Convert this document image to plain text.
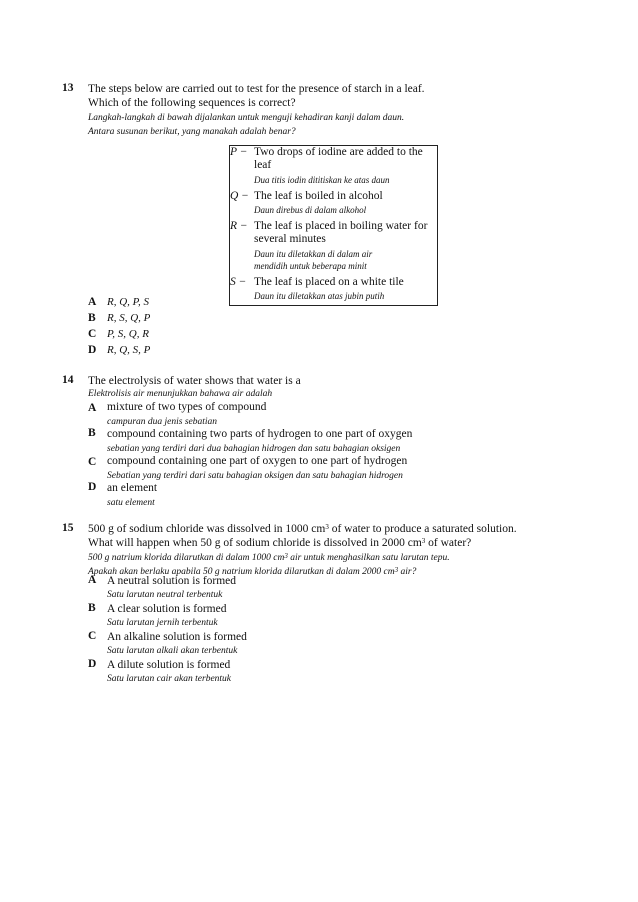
13 The steps below are carried out to test for the presence of starch in a leaf.
Which of the following sequences is correct?
Langkah-langkah di bawah dijalankan untuk menguji kehadiran kanji dalam daun.
Antara susunan berikut, yang manakah adalah benar?
P −	Two drops of iodine are added to the
leaf
Dua titis iodin dititiskan ke atas daun

Q −	The leaf is boiled in alcohol
Daun direbus di dalam alkohol

R −	The leaf is placed in boiling water for
several minutes
Daun itu diletakkan di dalam air
mendidih untuk beberapa minit

S −	The leaf is placed on a white tile
Daun itu diletakkan atas jubin putih
A R, Q, P, S
B R, S, Q, P
C P, S, Q, R
D R, Q, S, P
14 The electrolysis of water shows that water is a
Elektrolisis air menunjukkan bahawa air adalah
A mixture of two types of compound
campuran dua jenis sebatian
B compound containing two parts of hydrogen to one part of oxygen
sebatian yang terdiri dari dua bahagian hidrogen dan satu bahagian oksigen
C compound containing one part of oxygen to one part of hydrogen
Sebatian yang terdiri dari satu bahagian oksigen dan satu bahagian hidrogen
D an element
satu element
15 500 g of sodium chloride was dissolved in 1000 $cm^3$ of water to produce a saturated solution.
What will happen when 50 g of sodium chloride is dissolved in 2000 $cm^3$ of water?
500 g natrium klorida dilarutkan di dalam 1000 $cm^3$ air untuk menghasilkan satu larutan tepu.
Apakah akan berlaku apabila 50 g natrium klorida dilarutkan di dalam 2000 $cm^3$ air?
A A neutral solution is formed
Satu larutan neutral terbentuk
B A clear solution is formed
Satu larutan jernih terbentuk
C An alkaline solution is formed
Satu larutan alkali akan terbentuk
D A dilute solution is formed
Satu larutan cair akan terbentuk
